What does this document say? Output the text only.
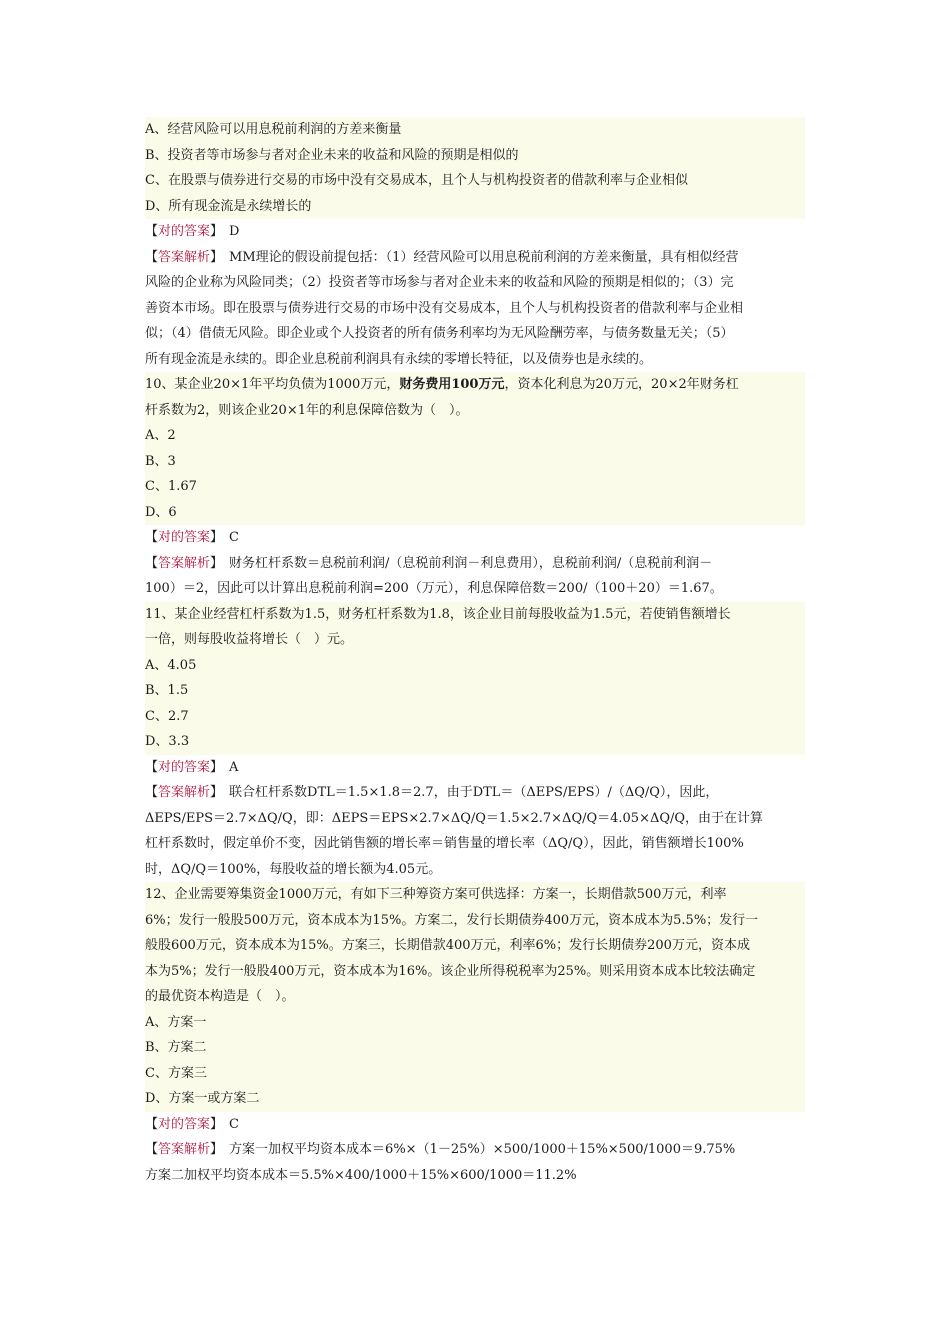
A、经营风险可以用息税前利润的方差来衡量
B、投资者等市场参与者对企业未来的收益和风险的预期是相似的
C、在股票与债券进行交易的市场中没有交易成本，且个人与机构投资者的借款利率与企业相似
D、所有现金流是永续增长的
【对的答案】 D
【答案解析】 MM理论的假设前提包括：（1）经营风险可以用息税前利润的方差来衡量，具有相似经营
风险的企业称为风险同类；（2）投资者等市场参与者对企业未来的收益和风险的预期是相似的；（3）完
善资本市场。即在股票与债券进行交易的市场中没有交易成本，且个人与机构投资者的借款利率与企业相
似；（4）借债无风险。即企业或个人投资者的所有债务利率均为无风险酬劳率，与债务数量无关；（5）
所有现金流是永续的。即企业息税前利润具有永续的零增长特征，以及债券也是永续的。
10、某企业20×1年平均负债为1000万元，财务费用100万元，资本化利息为20万元，20×2年财务杠
杆系数为2，则该企业20×1年的利息保障倍数为（　）。
A、2
B、3
C、1.67
D、6
【对的答案】 C
【答案解析】 财务杠杆系数＝息税前利润/（息税前利润－利息费用），息税前利润/（息税前利润－
100）＝2，因此可以计算出息税前利润=200（万元），利息保障倍数＝200/（100＋20）＝1.67。
11、某企业经营杠杆系数为1.5，财务杠杆系数为1.8，该企业目前每股收益为1.5元，若使销售额增长
一倍，则每股收益将增长（　）元。
A、4.05
B、1.5
C、2.7
D、3.3
【对的答案】 A
【答案解析】 联合杠杆系数DTL＝1.5×1.8＝2.7，由于DTL＝（ΔEPS/EPS）/（ΔQ/Q），因此，
ΔEPS/EPS＝2.7×ΔQ/Q，即：ΔEPS＝EPS×2.7×ΔQ/Q＝1.5×2.7×ΔQ/Q＝4.05×ΔQ/Q，由于在计算
杠杆系数时，假定单价不变，因此销售额的增长率＝销售量的增长率（ΔQ/Q），因此，销售额增长100%
时，ΔQ/Q＝100%，每股收益的增长额为4.05元。
12、企业需要筹集资金1000万元，有如下三种筹资方案可供选择：方案一，长期借款500万元，利率
6%；发行一般股500万元，资本成本为15%。方案二，发行长期债券400万元，资本成本为5.5%；发行一
般股600万元，资本成本为15%。方案三，长期借款400万元，利率6%；发行长期债券200万元，资本成
本为5%；发行一般股400万元，资本成本为16%。该企业所得税税率为25%。则采用资本成本比较法确定
的最优资本构造是（　）。
A、方案一
B、方案二
C、方案三
D、方案一或方案二
【对的答案】 C
【答案解析】 方案一加权平均资本成本＝6%×（1－25%）×500/1000＋15%×500/1000＝9.75%
方案二加权平均资本成本＝5.5%×400/1000＋15%×600/1000＝11.2%
